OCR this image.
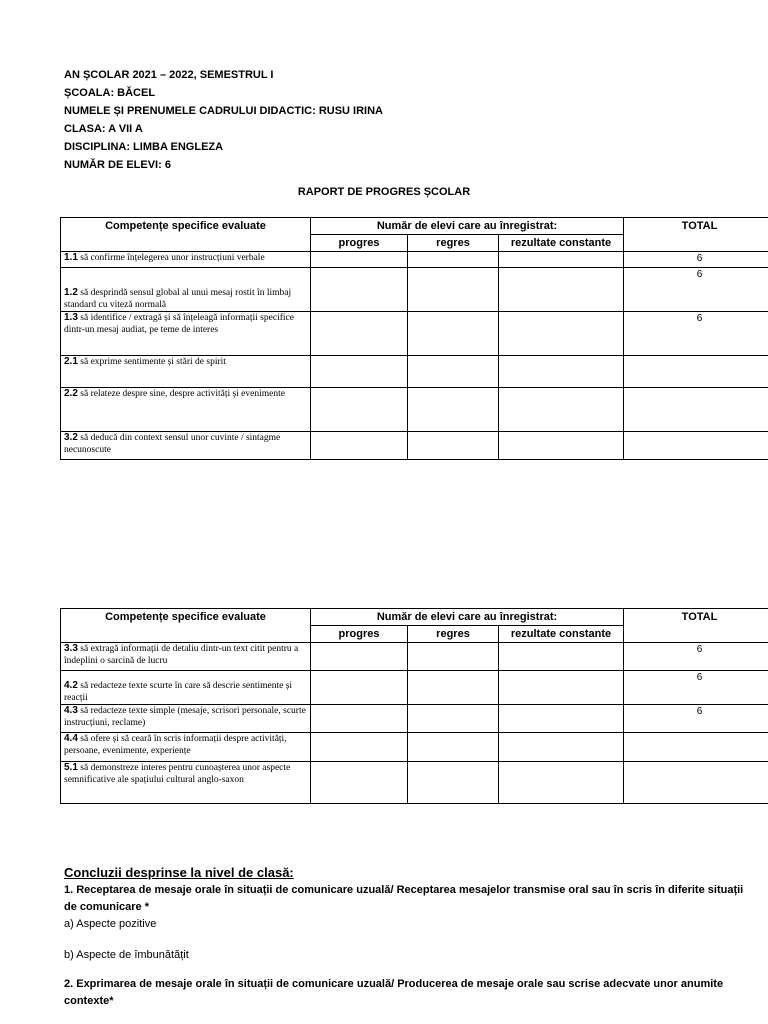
AN ȘCOLAR 2021 – 2022, SEMESTRUL I
ȘCOALA: BĂCEL
NUMELE ȘI PRENUMELE CADRULUI DIDACTIC: RUSU IRINA
CLASA: A VII A
DISCIPLINA: LIMBA ENGLEZA
NUMĂR DE ELEVI: 6
RAPORT DE PROGRES ȘCOLAR
Competențe specifice evaluate	Număr de elevi care au înregistrat:			TOTAL
	progres	regres	rezultate constante	
1.1 să confirme înțelegerea unor instrucțiuni verbale				6
1.2 să desprindă sensul global al unui mesaj rostit în limbaj standard cu viteză normală				6
1.3 să identifice / extragă și să înțeleagă informații specifice dintr-un mesaj audiat, pe teme de interes				6
2.1 să exprime sentimente și stări de spirit				
2.2 să relateze despre sine, despre activități și evenimente				
3.2 să deducă din context sensul unor cuvinte / sintagme necunoscute				
Competențe specifice evaluate	Număr de elevi care au înregistrat:			TOTAL
	progres	regres	rezultate constante	
3.3 să extragă informații de detaliu dintr-un text citit pentru a îndeplini o sarcină de lucru				6
4.2 să redacteze texte scurte în care să descrie sentimente și reacții				6
4.3 să redacteze texte simple (mesaje, scrisori personale, scurte instrucțiuni, reclame)				6
4.4 să ofere și să ceară în scris informații despre activități, persoane, evenimente, experiențe				
5.1 să demonstreze interes pentru cunoașterea unor aspecte semnificative ale spațiului cultural anglo-saxon				
Concluzii desprinse la nivel de clasă:
1. Receptarea de mesaje orale în situații de comunicare uzuală/ Receptarea mesajelor transmise oral sau în scris în diferite situații de comunicare *
a) Aspecte pozitive
b) Aspecte de îmbunătățit
2. Exprimarea de mesaje orale în situații de comunicare uzuală/ Producerea de mesaje orale sau scrise adecvate unor anumite contexte*
